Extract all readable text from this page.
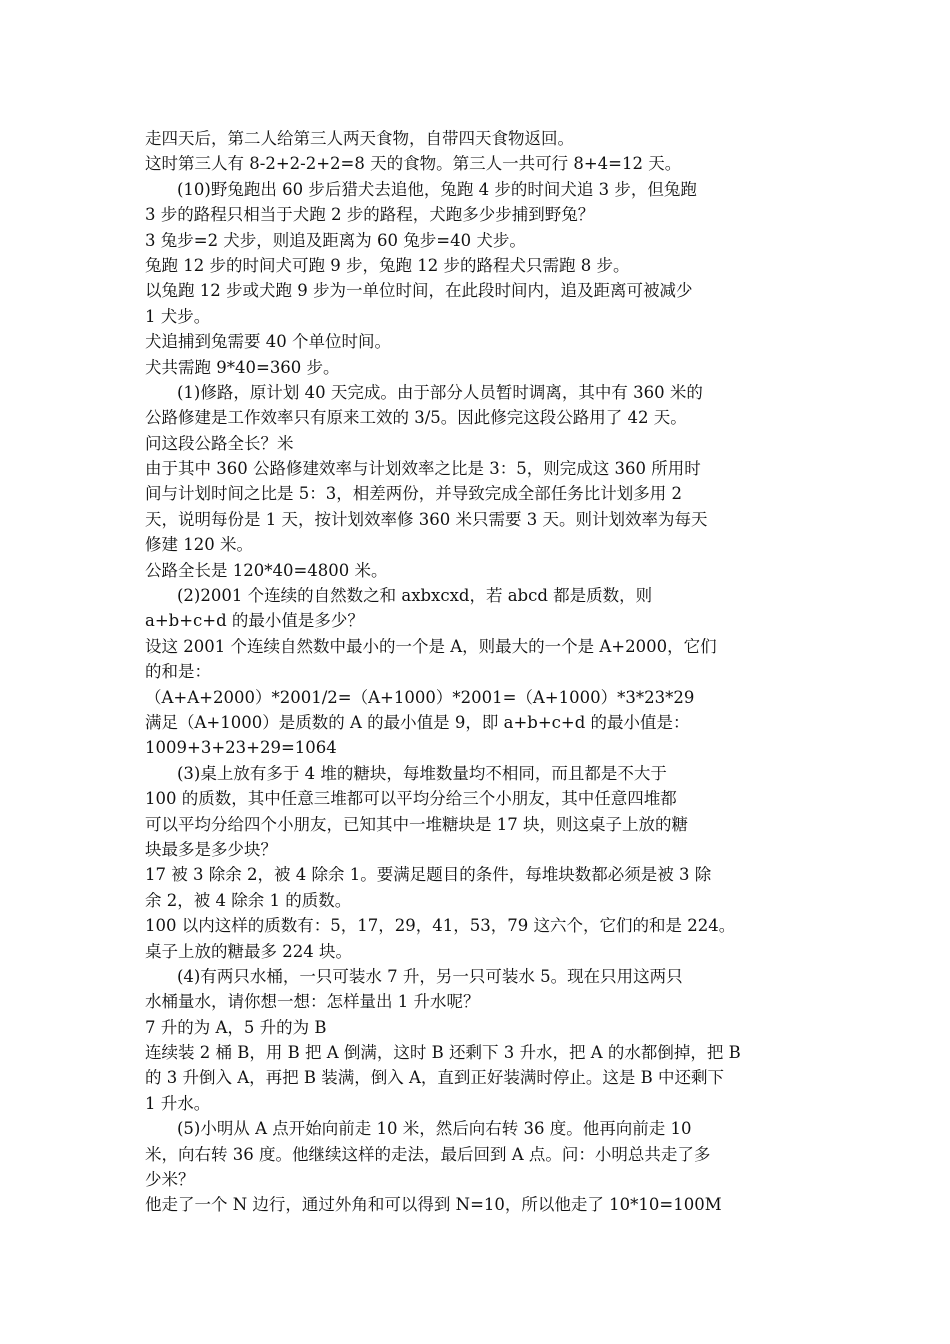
走四天后，第二人给第三人两天食物，自带四天食物返回。
这时第三人有 8-2+2-2+2=8 天的食物。第三人一共可行 8+4=12 天。
(10)野兔跑出 60 步后猎犬去追他，兔跑 4 步的时间犬追 3 步，但兔跑
3 步的路程只相当于犬跑 2 步的路程，犬跑多少步捕到野兔？
3 兔步=2 犬步，则追及距离为 60 兔步=40 犬步。
兔跑 12 步的时间犬可跑 9 步，兔跑 12 步的路程犬只需跑 8 步。
以兔跑 12 步或犬跑 9 步为一单位时间，在此段时间内，追及距离可被减少
1 犬步。
犬追捕到兔需要 40 个单位时间。
犬共需跑 9*40=360 步。
(1)修路，原计划 40 天完成。由于部分人员暂时调离，其中有 360 米的
公路修建是工作效率只有原来工效的 3/5。因此修完这段公路用了 42 天。
问这段公路全长？米
由于其中 360 公路修建效率与计划效率之比是 3：5，则完成这 360 所用时
间与计划时间之比是 5：3，相差两份，并导致完成全部任务比计划多用 2
天，说明每份是 1 天，按计划效率修 360 米只需要 3 天。则计划效率为每天
修建 120 米。
公路全长是 120*40=4800 米。
(2)2001 个连续的自然数之和 axbxcxd，若 abcd 都是质数，则
a+b+c+d 的最小值是多少？
设这 2001 个连续自然数中最小的一个是 A，则最大的一个是 A+2000，它们
的和是：
（A+A+2000）*2001/2=（A+1000）*2001=（A+1000）*3*23*29
满足（A+1000）是质数的 A 的最小值是 9，即 a+b+c+d 的最小值是：
1009+3+23+29=1064
(3)桌上放有多于 4 堆的糖块，每堆数量均不相同，而且都是不大于
100 的质数，其中任意三堆都可以平均分给三个小朋友，其中任意四堆都
可以平均分给四个小朋友，已知其中一堆糖块是 17 块，则这桌子上放的糖
块最多是多少块？
17 被 3 除余 2，被 4 除余 1。要满足题目的条件，每堆块数都必须是被 3 除
余 2，被 4 除余 1 的质数。
100 以内这样的质数有：5，17，29，41，53，79 这六个，它们的和是 224。
桌子上放的糖最多 224 块。
(4)有两只水桶，一只可装水 7 升，另一只可装水 5。现在只用这两只
水桶量水，请你想一想：怎样量出 1 升水呢？
7 升的为 A，5 升的为 B
连续装 2 桶 B，用 B 把 A 倒满，这时 B 还剩下 3 升水，把 A 的水都倒掉，把 B
的 3 升倒入 A，再把 B 装满，倒入 A，直到正好装满时停止。这是 B 中还剩下
1 升水。
(5)小明从 A 点开始向前走 10 米，然后向右转 36 度。他再向前走 10
米，向右转 36 度。他继续这样的走法，最后回到 A 点。问：小明总共走了多
少米？
他走了一个 N 边行，通过外角和可以得到 N=10，所以他走了 10*10=100M
